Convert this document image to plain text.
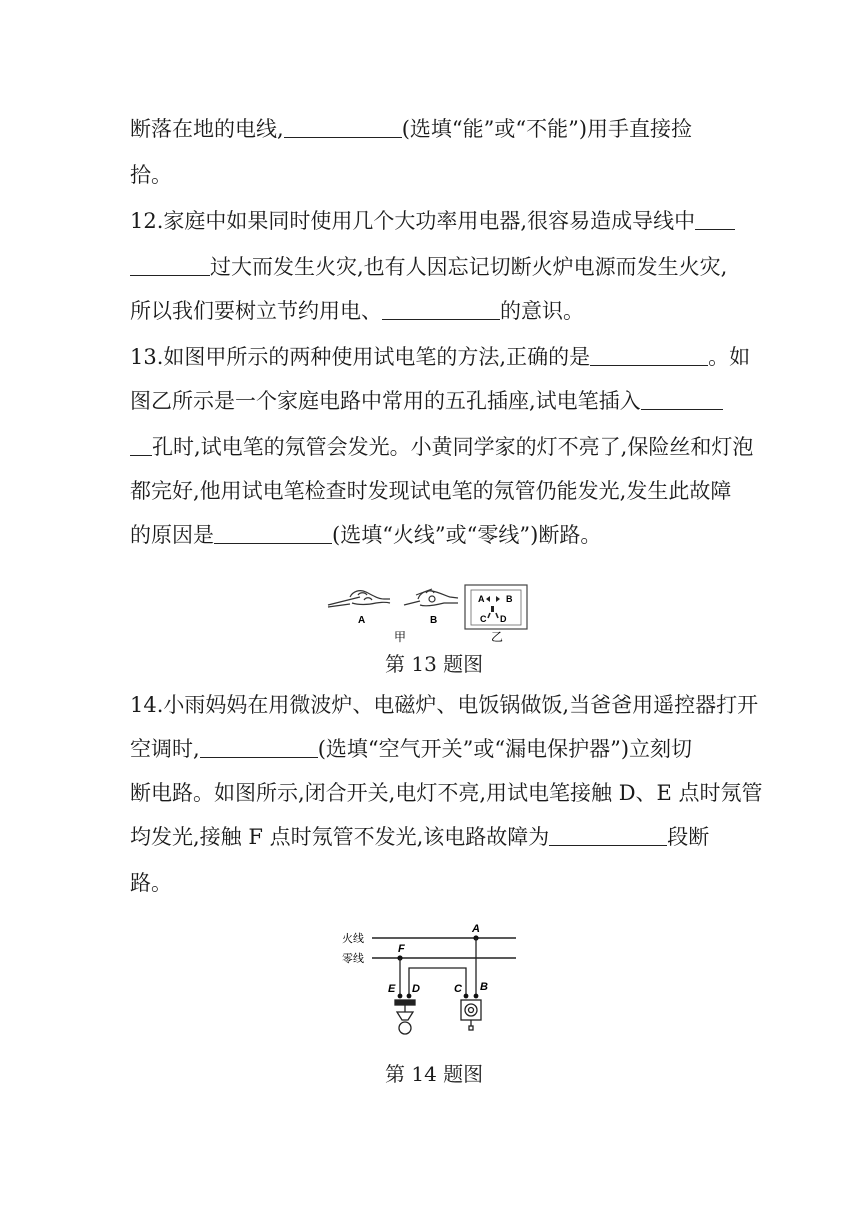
断落在地的电线,	(选填“能”或“不能”)用手直接捡
拾。
12.家庭中如果同时使用几个大功率用电器,很容易造成导线中
过大而发生火灾,也有人因忘记切断火炉电源而发生火灾,
所以我们要树立节约用电、	的意识。
13.如图甲所示的两种使用试电笔的方法,正确的是	。如
图乙所示是一个家庭电路中常用的五孔插座,试电笔插入
孔时,试电笔的氖管会发光。小黄同学家的灯不亮了,保险丝和灯泡
都完好,他用试电笔检查时发现试电笔的氖管仍能发光,发生此故障
的原因是	(选填“火线”或“零线”)断路。
A	B
甲
A B
C D
乙
第 13 题图
14.小雨妈妈在用微波炉、电磁炉、电饭锅做饭,当爸爸用遥控器打开
空调时,	(选填“空气开关”或“漏电保护器”)立刻切
断电路。如图所示,闭合开关,电灯不亮,用试电笔接触 D、E 点时氖管
均发光,接触 F 点时氖管不发光,该电路故障为	段断
路。
火线
零线
A
F
E D	C B
第 14 题图
